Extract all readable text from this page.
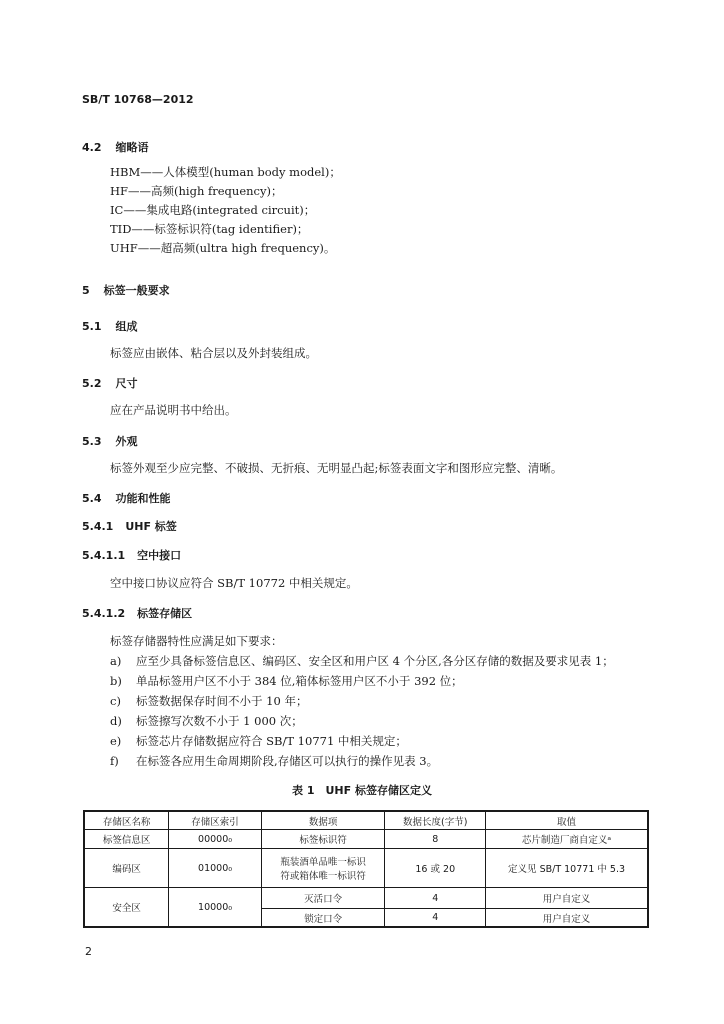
SB/T 10768—2012
4.2 缩略语
HBM——人体模型(human body model)；
HF——高频(high frequency)；
IC——集成电路(integrated circuit)；
TID——标签标识符(tag identifier)；
UHF——超高频(ultra high frequency)。
5 标签一般要求
5.1 组成
标签应由嵌体、粘合层以及外封装组成。
5.2 尺寸
应在产品说明书中给出。
5.3 外观
标签外观至少应完整、不破损、无折痕、无明显凸起;标签表面文字和图形应完整、清晰。
5.4 功能和性能
5.4.1 UHF 标签
5.4.1.1 空中接口
空中接口协议应符合 SB/T 10772 中相关规定。
5.4.1.2 标签存储区
标签存储器特性应满足如下要求：
a) 应至少具备标签信息区、编码区、安全区和用户区 4 个分区,各分区存储的数据及要求见表 1；
b) 单品标签用户区不小于 384 位,箱体标签用户区不小于 392 位；
c) 标签数据保存时间不小于 10 年；
d) 标签擦写次数不小于 1 000 次；
e) 标签芯片存储数据应符合 SB/T 10771 中相关规定；
f) 在标签各应用生命周期阶段,存储区可以执行的操作见表 3。
表 1　UHF 标签存储区定义
存储区名称	存储区索引	数据项	数据长度(字节)	取值
标签信息区	00000₀	标签标识符	8	芯片制造厂商自定义ᵃ
编码区	01000₀	瓶装酒单品唯一标识
符或箱体唯一标识符	16 或 20	定义见 SB/T 10771 中 5.3
安全区	10000₀	灭活口令	4	用户自定义
		锁定口令	4	用户自定义
2
